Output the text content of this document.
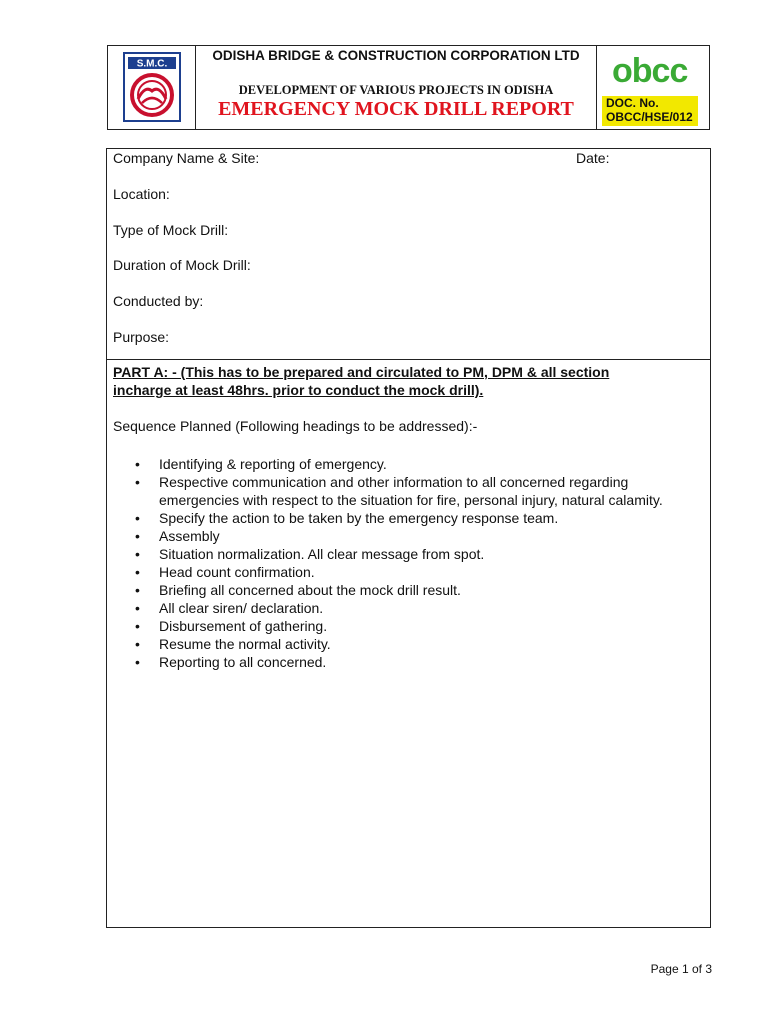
S.M.C.
ODISHA BRIDGE & CONSTRUCTION CORPORATION LTD
DEVELOPMENT OF VARIOUS PROJECTS IN ODISHA
EMERGENCY MOCK DRILL REPORT
obcc
DOC. No.
OBCC/HSE/012
Company Name & Site:	Date:
Location:
Type of Mock Drill:
Duration of Mock Drill:
Conducted by:
Purpose:
PART A: - (This has to be prepared and circulated to PM, DPM & all section
incharge at least 48hrs. prior to conduct the mock drill).
Sequence Planned (Following headings to be addressed):-
• Identifying & reporting of emergency.
• Respective communication and other information to all concerned regarding
emergencies with respect to the situation for fire, personal injury, natural calamity.
• Specify the action to be taken by the emergency response team.
• Assembly
• Situation normalization. All clear message from spot.
• Head count confirmation.
• Briefing all concerned about the mock drill result.
• All clear siren/ declaration.
• Disbursement of gathering.
• Resume the normal activity.
• Reporting to all concerned.
Page 1 of 3
